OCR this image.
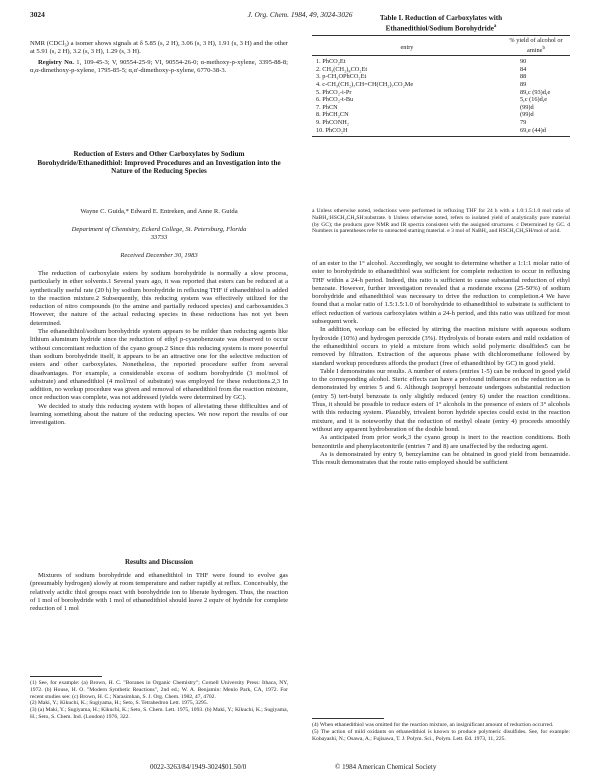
3024	J. Org. Chem. 1984, 49, 3024-3026
NMR (CDCl₃) a isomer shows signals at δ 5.85 (s, 2 H), 3.06 (s, 3 H), 1.91 (s, 3 H) and the other at 5.91 (s, 2 H), 3.2 (s, 3 H), 1.29 (s, 3 H).
Registry No. 1, 109-45-3; V, 90554-25-9; VI, 90554-26-0; α-methoxy-p-xylene, 3395-88-8; α,α-dimethoxy-p-xylene, 1795-85-5; α,α'-dimethoxy-p-xylene, 6770-38-3.
Reduction of Esters and Other Carboxylates by Sodium Borohydride/Ethanedithiol: Improved Procedures and an Investigation into the Nature of the Reducing Species
Wayne C. Guida,* Edward E. Entreken, and Anne R. Guida
Department of Chemistry, Eckerd College, St. Petersburg, Florida 33733
Received December 30, 1983

The reduction of carboxylate esters by sodium borohydride is normally a slow process, particularly in ether solvents.1 Several years ago, it was reported that esters can be reduced at a synthetically useful rate (20 h) by sodium borohydride in refluxing THF if ethanedithiol is added to the reaction mixture.2 Subsequently, this reducing system was effectively utilized for the reduction of nitro compounds (to the amine and partially reduced species) and carboxamides.3 However, the nature of the actual reducing species in these reductions has not yet been determined.

The ethanedithiol/sodium borohydride system appears to be milder than reducing agents like lithium aluminum hydride since the reduction of ethyl p-cyanobenzoate was observed to occur without concomitant reduction of the cyano group.2 Since this reducing system is more powerful than sodium borohydride itself, it appears to be an attractive one for the selective reduction of esters and other carboxylates. Nonetheless, the reported procedure suffer from several disadvantages. For example, a considerable excess of sodium borohydride (3 mol/mol of substrate) and ethanedithiol (4 mol/mol of substrate) was employed for these reductions.2,3 In addition, no workup procedure was given and removal of ethanedithiol from the reaction mixture, once reduction was complete, was not addressed (yields were determined by GC).

We decided to study this reducing system with hopes of alleviating these difficulties and of learning something about the nature of the reducing species. We now report the results of our investigation.

Results and Discussion

Mixtures of sodium borohydride and ethanedithiol in THF were found to evolve gas (presumably hydrogen) slowly at room temperature and rather rapidly at reflux. Conceivably, the relatively acidic thiol groups react with borohydride ion to liberate hydrogen. Thus, the reaction of 1 mol of borohydride with 1 mol of ethanedithiol should leave 2 equiv of hydride for complete reduction of 1 mol

(1) See, for example: (a) Brown, H. C. "Boranes in Organic Chemistry"; Cornell University Press: Ithaca, NY, 1972. (b) House, H. O. "Modern Synthetic Reactions", 2nd ed.; W. A. Benjamin: Menlo Park, CA, 1972. For recent studies see: (c) Brown, H. C.; Narasimhan, S. J. Org. Chem. 1982, 47, 4702.
(2) Maki, Y.; Kikuchi, K.; Sugiyama, H.; Seto, S. Tetrahedron Lett. 1975, 3295.
(3) (a) Maki, Y.; Sugiyama, H.; Kikuchi, K.; Seto, S. Chem. Lett. 1975, 1093. (b) Maki, Y.; Kikuchi, K.; Sugiyama, H.; Seto, S. Chem. Ind. (London) 1976, 322.
Table I. Reduction of Carboxylates with
Ethanedithiol/Sodium Borohydride$^a$
entry	% yield of alcohol or amine$^b$
1. PhCO₂Et	90
2. CH₃(CH₂)₈CO₂Et	84
3. p-CH₃OPhCO₂Et	88
4. c-CH₃(CH₂)₇CH=CH(CH₂)₇CO₂Me	89
5. PhCO₂-i-Pr	89,c (93)d,e
6. PhCO₂-t-Bu	5,c (16)d,e
7. PhCN	(99)d
8. PhCH₂CN	(99)d
9. PhCONH₂	79
10. PhCO₂H	69,e (44)d
a Unless otherwise noted, reductions were performed in refluxing THF for 24 h with a 1.0:1.5:1.0 mol ratio of NaBH₄:HSCH₂CH₂SH:substrate. b Unless otherwise noted, refers to isolated yield of analytically pure material (by GC); the products gave NMR and IR spectra consistent with the assigned structures. c Determined by GC. d Numbers in parentheses refer to unreacted starting material. e 3 mol of NaBH₄ and HSCH₂CH₂SH/mol of acid.

of an ester to the 1° alcohol. Accordingly, we sought to determine whether a 1:1:1 molar ratio of ester to borohydride to ethanedithiol was sufficient for complete reduction to occur in refluxing THF within a 24-h period. Indeed, this ratio is sufficient to cause substantial reduction of ethyl benzoate. However, further investigation revealed that a moderate excess (25-50%) of sodium borohydride and ethanedithiol was necessary to drive the reduction to completion.4 We have found that a molar ratio of 1.5:1.5:1.0 of borohydride to ethanedithiol to substrate is sufficient to effect reduction of various carboxylates within a 24-h period, and this ratio was utilized for most subsequent work.

In addition, workup can be effected by stirring the reaction mixture with aqueous sodium hydroxide (10%) and hydrogen peroxide (3%). Hydrolysis of borate esters and mild oxidation of the ethanedithiol occurs to yield a mixture from which solid polymeric disulfides5 can be removed by filtration. Extraction of the aqueous phase with dichloromethane followed by standard workup procedures affords the product (free of ethanedithiol by GC) in good yield.

Table I demonstrates our results. A number of esters (entries 1-5) can be reduced in good yield to the corresponding alcohol. Steric effects can have a profound influence on the reduction as is demonstrated by entries 5 and 6. Although isopropyl benzoate undergoes substantial reduction (entry 5) tert-butyl benzoate is only slightly reduced (entry 6) under the reaction conditions. Thus, it should be possible to reduce esters of 1° alcohols in the presence of esters of 3° alcohols with this reducing system. Plausibly, trivalent boron hydride species could exist in the reaction mixture, and it is noteworthy that the reduction of methyl oleate (entry 4) proceeds smoothly without any apparent hydroboration of the double bond.

As anticipated from prior work,3 the cyano group is inert to the reaction conditions. Both benzonitrile and phenylacetonitrile (entries 7 and 8) are unaffected by the reducing agent.

As is demonstrated by entry 9, benzylamine can be obtained in good yield from benzamide. This result demonstrates that the route ratio employed should be sufficient

(4) When ethanedithiol was omitted for the reaction mixture, an insignificant amount of reduction occurred.
(5) The action of mild oxidants on ethanedithiol is known to produce polymeric disulfides. See, for example: Kobayashi, N.; Osawa, A.; Fujisawa, T. J. Polym. Sci., Polym. Lett. Ed. 1973, 11, 225.
0022-3263/84/1949-3024$01.50/0	© 1984 American Chemical Society
